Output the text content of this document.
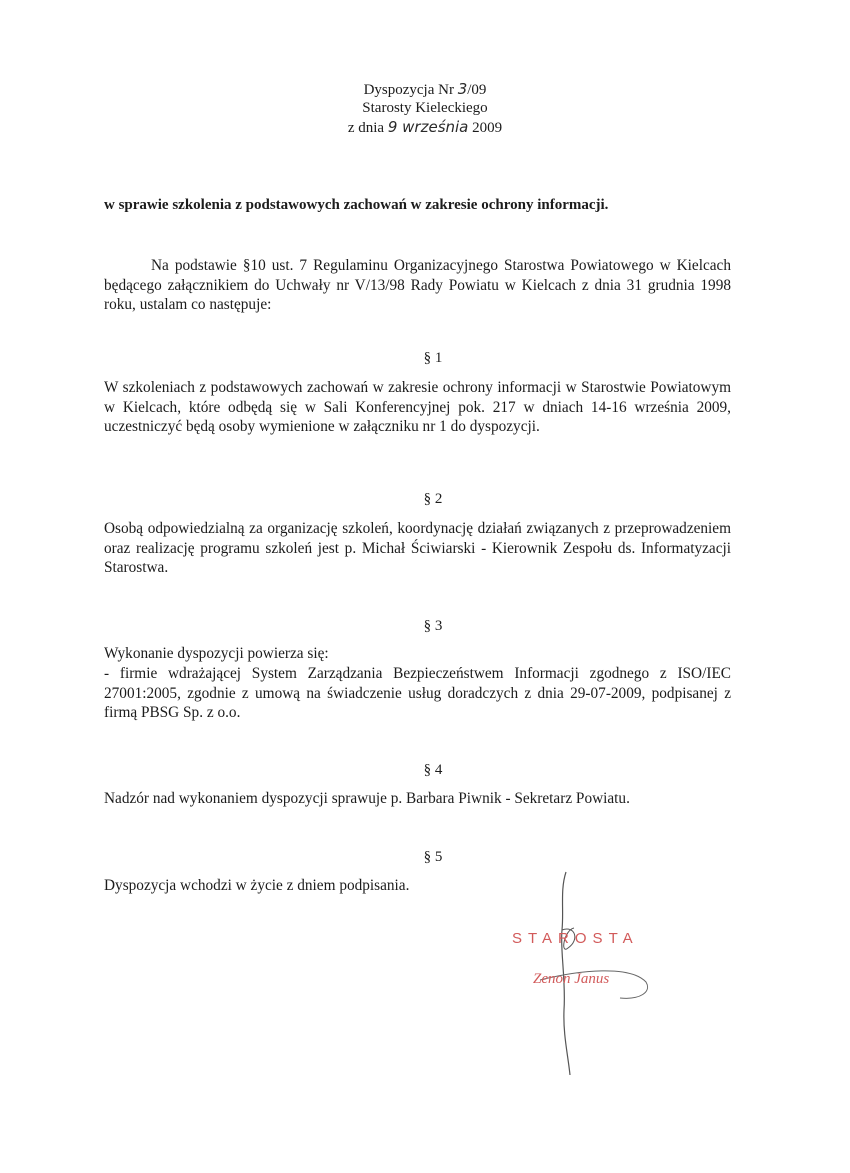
Dyspozycja Nr 3/09
Starosty Kieleckiego
z dnia 9 września 2009
w sprawie szkolenia z podstawowych zachowań w zakresie ochrony informacji.
Na podstawie §10 ust. 7 Regulaminu Organizacyjnego Starostwa Powiatowego w Kielcach będącego załącznikiem do Uchwały nr V/13/98 Rady Powiatu w Kielcach z dnia 31 grudnia 1998 roku, ustalam co następuje:
§ 1
W szkoleniach z podstawowych zachowań w zakresie ochrony informacji w Starostwie Powiatowym w Kielcach, które odbędą się w Sali Konferencyjnej pok. 217 w dniach 14-16 września 2009, uczestniczyć będą osoby wymienione w załączniku nr 1 do dyspozycji.
§ 2
Osobą odpowiedzialną za organizację szkoleń, koordynację działań związanych z przeprowadzeniem oraz realizację programu szkoleń jest p. Michał Ściwiarski - Kierownik Zespołu ds. Informatyzacji Starostwa.
§ 3
Wykonanie dyspozycji powierza się:
- firmie wdrażającej System Zarządzania Bezpieczeństwem Informacji zgodnego z ISO/IEC 27001:2005, zgodnie z umową na świadczenie usług doradczych z dnia 29-07-2009, podpisanej z firmą PBSG Sp. z o.o.
§ 4
Nadzór nad wykonaniem dyspozycji sprawuje p. Barbara Piwnik - Sekretarz Powiatu.
§ 5
Dyspozycja wchodzi w życie z dniem podpisania.
STAROSTA
Zenon Janus
